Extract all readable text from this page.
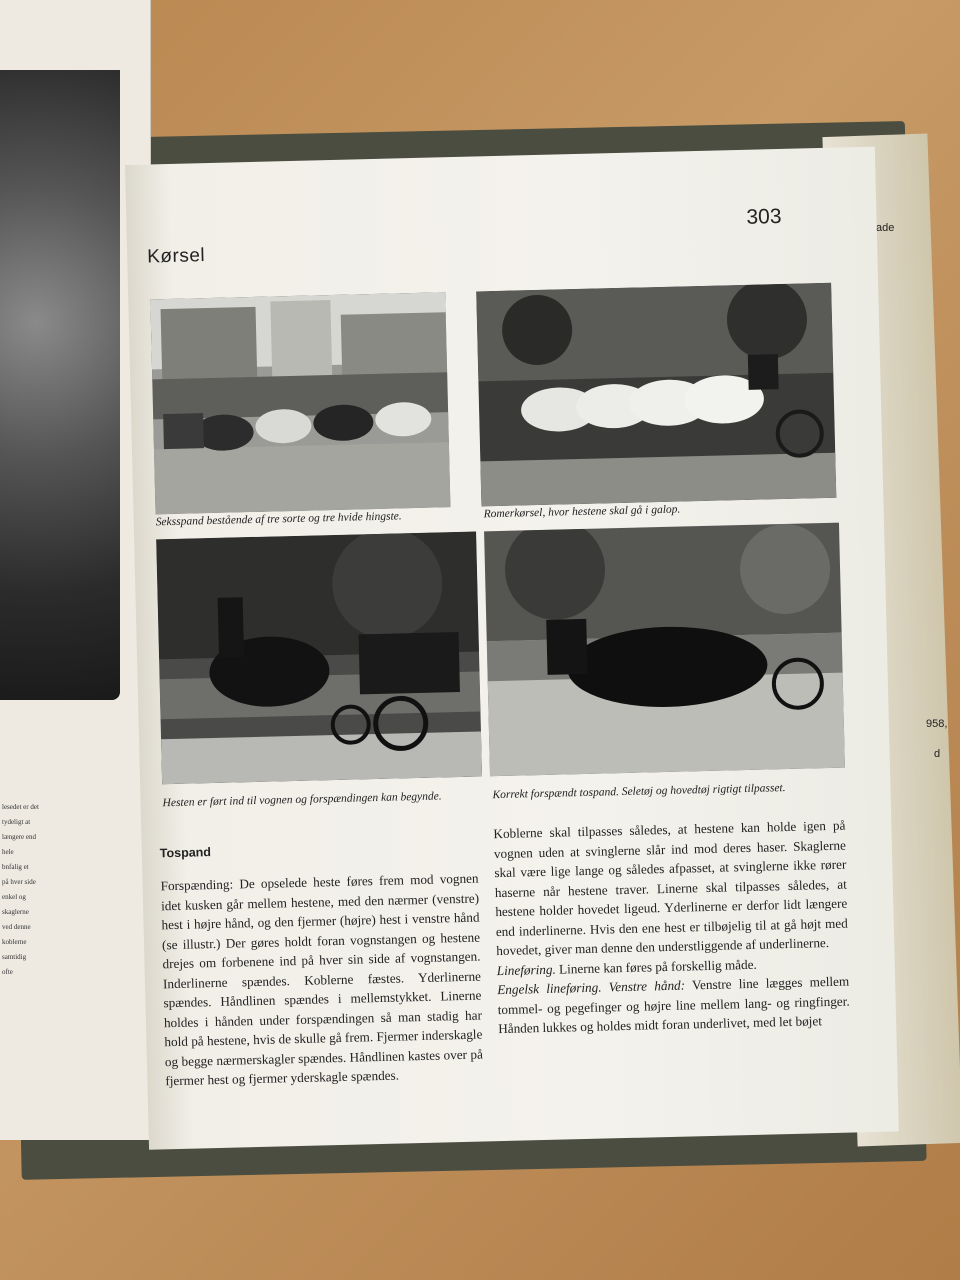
ade
958,
d
lesedet er det tydeligt at
længere end hele
bnfalig et
på hver side
enkel og
skaglerne
ved denne
koblerne
samtidig
ofte
Kørsel
303
Seksspand bestående af tre sorte og tre hvide hingste.	Romerkørsel, hvor hestene skal gå i galop.
Hesten er ført ind til vognen og forspændingen kan begynde.	Korrekt forspændt tospand. Seletøj og hovedtøj rigtigt tilpasset.
Tospand

Forspænding: De opselede heste føres frem mod vognen idet kusken går mellem hestene, med den nærmer (venstre) hest i højre hånd, og den fjermer (højre) hest i venstre hånd (se illustr.) Der gøres holdt foran vognstangen og hestene drejes om forbenene ind på hver sin side af vognstangen. Inderlinerne spændes. Koblerne fæstes. Yderlinerne spændes. Håndlinen spændes i mellemstykket. Linerne holdes i hånden under forspændingen så man stadig har hold på hestene, hvis de skulle gå frem. Fjermer inderskagle og begge nærmerskagler spændes. Håndlinen kastes over på fjermer hest og fjermer yderskagle spændes.

Koblerne skal tilpasses således, at hestene kan holde igen på vognen uden at svinglerne slår ind mod deres haser. Skaglerne skal være lige lange og således afpasset, at svinglerne ikke rører haserne når hestene traver. Linerne skal tilpasses således, at hestene holder hovedet ligeud. Yderlinerne er derfor lidt længere end inderlinerne. Hvis den ene hest er tilbøjelig til at gå højt med hovedet, giver man denne den understliggende af underlinerne.

Lineføring. Linerne kan føres på forskellig måde.

Engelsk lineføring. Venstre hånd: Venstre line lægges mellem tommel- og pegefinger og højre line mellem lang- og ringfinger. Hånden lukkes og holdes midt foran underlivet, med let bøjet
